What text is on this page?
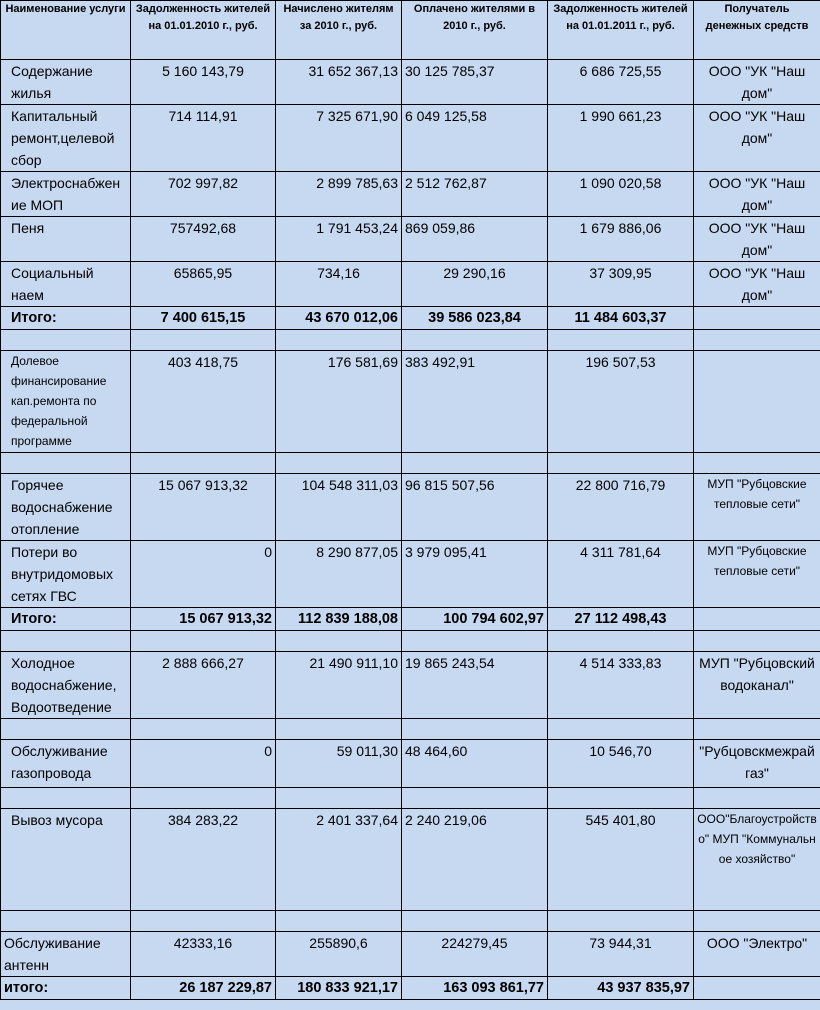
Наименование услуги	Задолженность жителей на 01.01.2010 г., руб.	Начислено жителям за 2010 г., руб.	Оплачено жителями в 2010 г., руб.	Задолженность жителей на 01.01.2011 г., руб.	Получатель денежных средств
Содержание жилья	5 160 143,79	31 652 367,13	30 125 785,37	6 686 725,55	ООО "УК "Наш дом"
Капитальный ремонт,целевой сбор	714 114,91	7 325 671,90	6 049 125,58	1 990 661,23	ООО "УК "Наш дом"
Электроснабжение МОП	702 997,82	2 899 785,63	2 512 762,87	1 090 020,58	ООО "УК "Наш дом"
Пеня	757492,68	1 791 453,24	869 059,86	1 679 886,06	ООО "УК "Наш дом"
Социальный наем	65865,95	734,16	29 290,16	37 309,95	ООО "УК "Наш дом"
Итого:	7 400 615,15	43 670 012,06	39 586 023,84	11 484 603,37	

Долевое финансирование кап.ремонта по федеральной программе	403 418,75	176 581,69	383 492,91	196 507,53	

Горячее водоснабжение отопление	15 067 913,32	104 548 311,03	96 815 507,56	22 800 716,79	МУП "Рубцовские тепловые сети"
Потери во внутридомовых сетях ГВС	0	8 290 877,05	3 979 095,41	4 311 781,64	МУП "Рубцовские тепловые сети"
Итого:	15 067 913,32	112 839 188,08	100 794 602,97	27 112 498,43	

Холодное водоснабжение, Водоотведение	2 888 666,27	21 490 911,10	19 865 243,54	4 514 333,83	МУП "Рубцовский водоканал"

Обслуживание газопровода	0	59 011,30	48 464,60	10 546,70	"Рубцовскмежрайгаз"

Вывоз мусора	384 283,22	2 401 337,64	2 240 219,06	545 401,80	ООО"Благоустройство" МУП "Коммунальное хозяйство"

Обслуживание антенн	42333,16	255890,6	224279,45	73 944,31	ООО "Электро"
итого:	26 187 229,87	180 833 921,17	163 093 861,77	43 937 835,97	
